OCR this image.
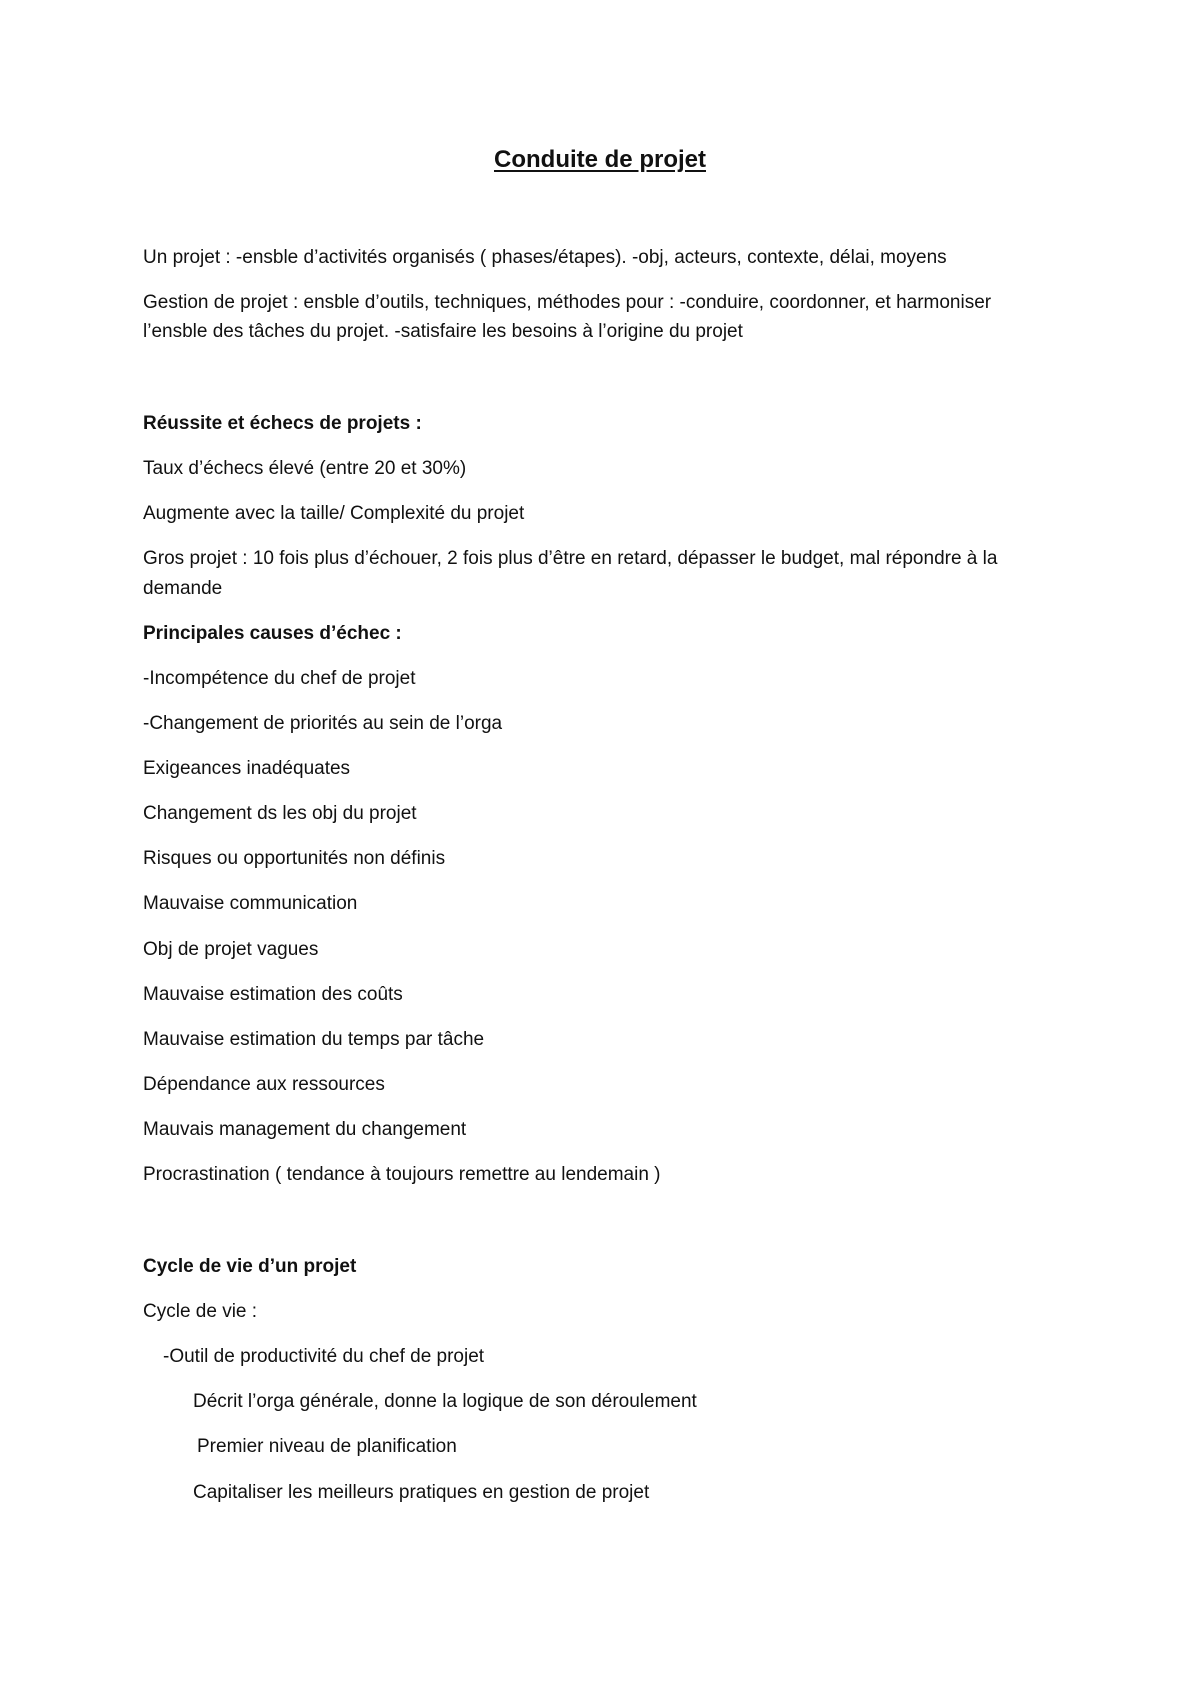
Conduite de projet
Un projet : -ensble d’activités organisés ( phases/étapes). -obj, acteurs, contexte, délai, moyens
Gestion de projet : ensble d’outils, techniques, méthodes pour : -conduire, coordonner, et harmoniser
l’ensble des tâches du projet. -satisfaire les besoins à l’origine du projet
Réussite et échecs de projets :
Taux d’échecs élevé (entre 20 et 30%)
Augmente avec la taille/ Complexité du projet
Gros projet : 10 fois plus d’échouer, 2 fois plus d’être en retard, dépasser le budget, mal répondre à la
demande
Principales causes d’échec :
-Incompétence du chef de projet
-Changement de priorités au sein de l’orga
Exigeances inadéquates
Changement ds les obj du projet
Risques ou opportunités non définis
Mauvaise communication
Obj de projet vagues
Mauvaise estimation des coûts
Mauvaise estimation du temps par tâche
Dépendance aux ressources
Mauvais management du changement
Procrastination ( tendance à toujours remettre au lendemain )
Cycle de vie d’un projet
Cycle de vie :
-Outil de productivité du chef de projet
Décrit l’orga générale, donne la logique de son déroulement
Premier niveau de planification
Capitaliser les meilleurs pratiques en gestion de projet
